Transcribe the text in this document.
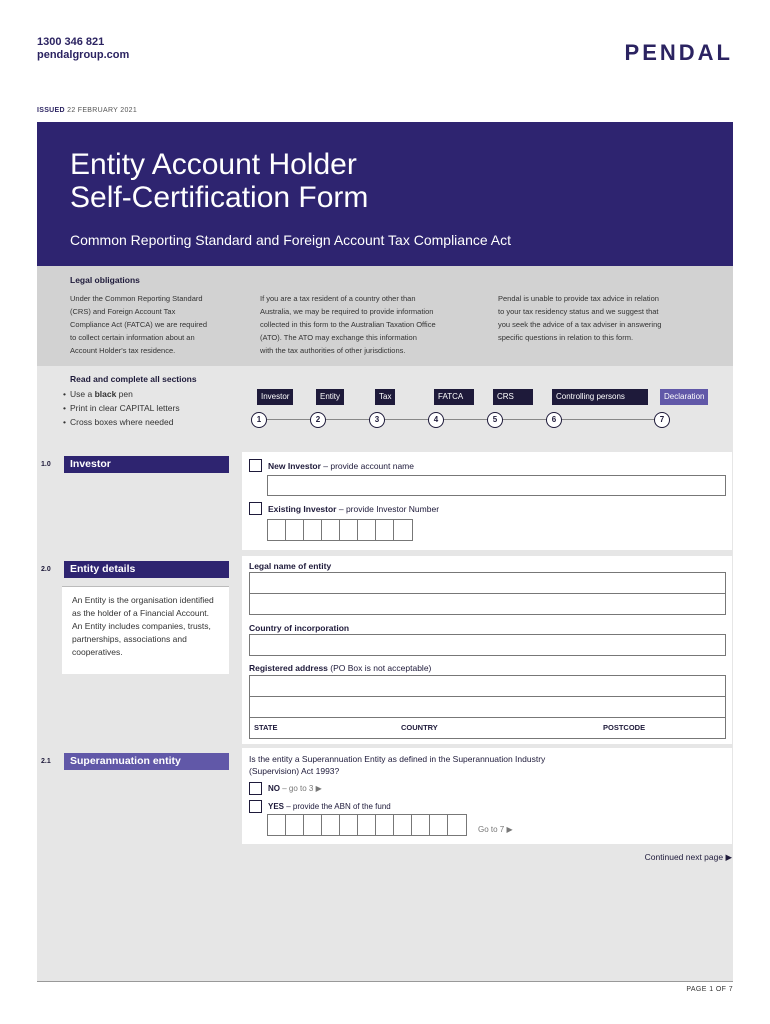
1300 346 821
pendalgroup.com	PENDAL
ISSUED 22 FEBRUARY 2021
Entity Account Holder
Self-Certification Form
Common Reporting Standard and Foreign Account Tax Compliance Act
Legal obligations
Under the Common Reporting Standard
(CRS) and Foreign Account Tax
Compliance Act (FATCA) we are required
to collect certain information about an
Account Holder's tax residence.
If you are a tax resident of a country other than
Australia, we may be required to provide information
collected in this form to the Australian Taxation Office
(ATO). The ATO may exchange this information
with the tax authorities of other jurisdictions.
Pendal is unable to provide tax advice in relation
to your tax residency status and we suggest that
you seek the advice of a tax adviser in answering
specific questions in relation to this form.
Read and complete all sections
• Use a black pen
• Print in clear CAPITAL letters
• Cross boxes where needed
Investor	Entity	Tax	FATCA	CRS	Controlling persons	Declaration
1	2	3	4	5	6	7
1.0	Investor	New Investor – provide account name
Existing Investor – provide Investor Number
2.0	Entity details
An Entity is the organisation identified as the holder of a Financial Account. An Entity includes companies, trusts, partnerships, associations and cooperatives.
Legal name of entity
Country of incorporation
Registered address (PO Box is not acceptable)
STATE	COUNTRY	POSTCODE
2.1	Superannuation entity	Is the entity a Superannuation Entity as defined in the Superannuation Industry
(Supervision) Act 1993?
NO – go to 3 ▶
YES – provide the ABN of the fund
Go to 7 ▶
Continued next page ▶
PAGE 1 OF 7
